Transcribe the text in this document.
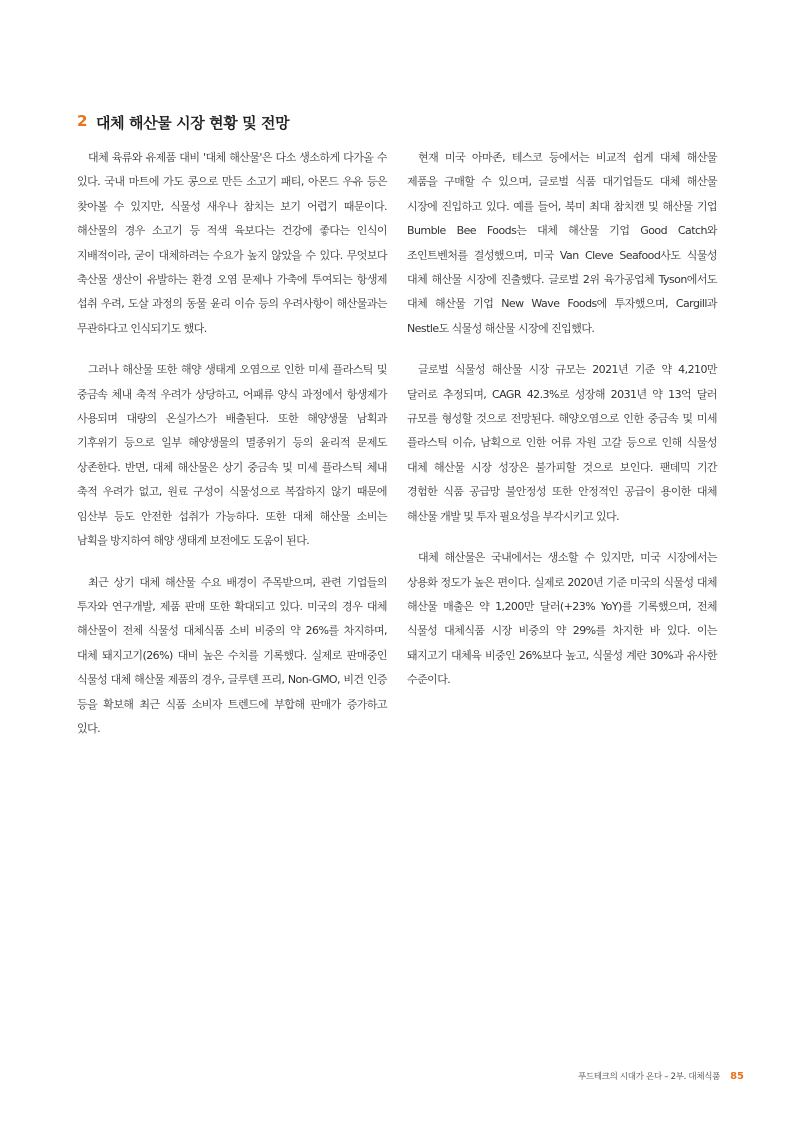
2 대체 해산물 시장 현황 및 전망

대체 육류와 유제품 대비 '대체 해산물'은 다소 생소하게 다가올 수 있다. 국내 마트에 가도 콩으로 만든 소고기 패티, 아몬드 우유 등은 찾아볼 수 있지만, 식물성 새우나 참치는 보기 어렵기 때문이다. 해산물의 경우 소고기 등 적색 육보다는 건강에 좋다는 인식이 지배적이라, 굳이 대체하려는 수요가 높지 않았을 수 있다. 무엇보다 축산물 생산이 유발하는 환경 오염 문제나 가축에 투여되는 항생제 섭취 우려, 도살 과정의 동물 윤리 이슈 등의 우려사항이 해산물과는 무관하다고 인식되기도 했다.

그러나 해산물 또한 해양 생태계 오염으로 인한 미세 플라스틱 및 중금속 체내 축적 우려가 상당하고, 어패류 양식 과정에서 항생제가 사용되며 대량의 온실가스가 배출된다. 또한 해양생물 남획과 기후위기 등으로 일부 해양생물의 멸종위기 등의 윤리적 문제도 상존한다. 반면, 대체 해산물은 상기 중금속 및 미세 플라스틱 체내 축적 우려가 없고, 원료 구성이 식물성으로 복잡하지 않기 때문에 임산부 등도 안전한 섭취가 가능하다. 또한 대체 해산물 소비는 남획을 방지하여 해양 생태계 보전에도 도움이 된다.

최근 상기 대체 해산물 수요 배경이 주목받으며, 관련 기업들의 투자와 연구개발, 제품 판매 또한 확대되고 있다. 미국의 경우 대체 해산물이 전체 식물성 대체식품 소비 비중의 약 26%를 차지하며, 대체 돼지고기(26%) 대비 높은 수치를 기록했다. 실제로 판매중인 식물성 대체 해산물 제품의 경우, 글루텐 프리, Non-GMO, 비건 인증 등을 확보해 최근 식품 소비자 트렌드에 부합해 판매가 증가하고 있다.

현재 미국 아마존, 테스코 등에서는 비교적 쉽게 대체 해산물 제품을 구매할 수 있으며, 글로벌 식품 대기업들도 대체 해산물 시장에 진입하고 있다. 예를 들어, 북미 최대 참치캔 및 해산물 기업 Bumble Bee Foods는 대체 해산물 기업 Good Catch와 조인트벤처를 결성했으며, 미국 Van Cleve Seafood사도 식물성 대체 해산물 시장에 진출했다. 글로벌 2위 육가공업체 Tyson에서도 대체 해산물 기업 New Wave Foods에 투자했으며, Cargill과 Nestle도 식물성 해산물 시장에 진입했다.

글로벌 식물성 해산물 시장 규모는 2021년 기준 약 4,210만 달러로 추정되며, CAGR 42.3%로 성장해 2031년 약 13억 달러 규모를 형성할 것으로 전망된다. 해양오염으로 인한 중금속 및 미세 플라스틱 이슈, 남획으로 인한 어류 자원 고갈 등으로 인해 식물성 대체 해산물 시장 성장은 불가피할 것으로 보인다. 팬데믹 기간 경험한 식품 공급망 불안정성 또한 안정적인 공급이 용이한 대체 해산물 개발 및 투자 필요성을 부각시키고 있다.

대체 해산물은 국내에서는 생소할 수 있지만, 미국 시장에서는 상용화 정도가 높은 편이다. 실제로 2020년 기준 미국의 식물성 대체 해산물 매출은 약 1,200만 달러(+23% YoY)를 기록했으며, 전체 식물성 대체식품 시장 비중의 약 29%를 차지한 바 있다. 이는 돼지고기 대체육 비중인 26%보다 높고, 식물성 계란 30%과 유사한 수준이다.

푸드테크의 시대가 온다 – 2부. 대체식품 85
